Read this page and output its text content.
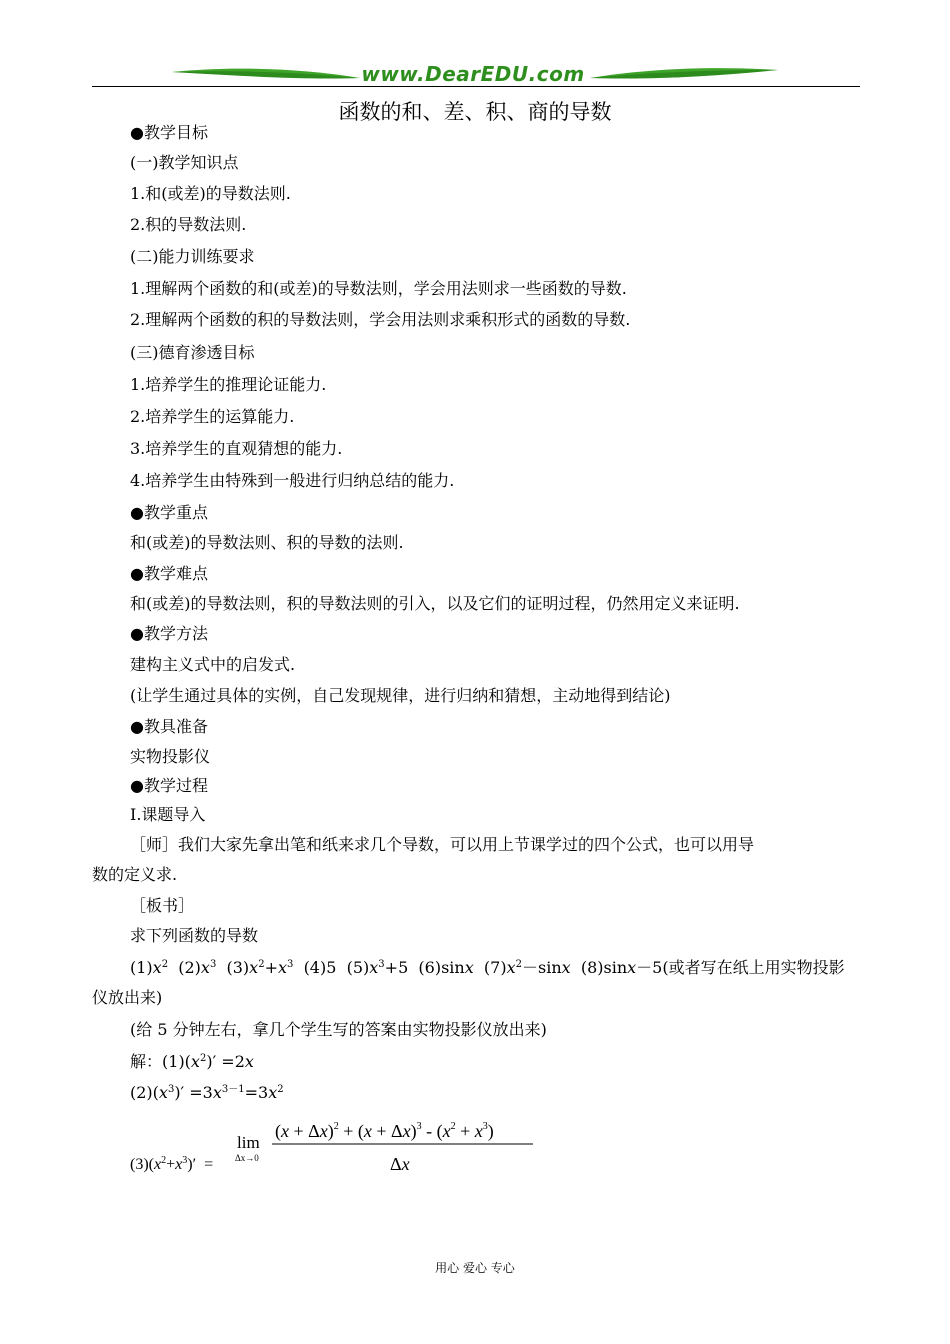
www.DearEDU.com
函数的和、差、积、商的导数
●教学目标
(一)教学知识点
1.和(或差)的导数法则.
2.积的导数法则.
(二)能力训练要求
1.理解两个函数的和(或差)的导数法则，学会用法则求一些函数的导数.
2.理解两个函数的积的导数法则，学会用法则求乘积形式的函数的导数.
(三)德育渗透目标
1.培养学生的推理论证能力.
2.培养学生的运算能力.
3.培养学生的直观猜想的能力.
4.培养学生由特殊到一般进行归纳总结的能力.
●教学重点
和(或差)的导数法则、积的导数的法则.
●教学难点
和(或差)的导数法则，积的导数法则的引入，以及它们的证明过程，仍然用定义来证明.
●教学方法
建构主义式中的启发式.
(让学生通过具体的实例，自己发现规律，进行归纳和猜想，主动地得到结论)
●教具准备
实物投影仪
●教学过程
Ⅰ.课题导入
［师］我们大家先拿出笔和纸来求几个导数，可以用上节课学过的四个公式，也可以用导
数的定义求.
［板书］
求下列函数的导数
$(1)x^2$  $(2)x^3$  $(3)x^2+x^3$  (4)5  $(5)x^3+5$  (6)sinx  $(7)x^2-\sin x$  (8)sinx－5(或者写在纸上用实物投影
仪放出来)
(给 5 分钟左右，拿几个学生写的答案由实物投影仪放出来)
解：$(1)(x^2)' =2x$
$(2)(x^3)' =3x^{3-1}=3x^2$
$(3)(x^2+x^3)'$  =
lim
Δx→0
$(x + \Delta x)^2 + (x + \Delta x)^3 - (x^2 + x^3)$
Δx
用心 爱心 专心
